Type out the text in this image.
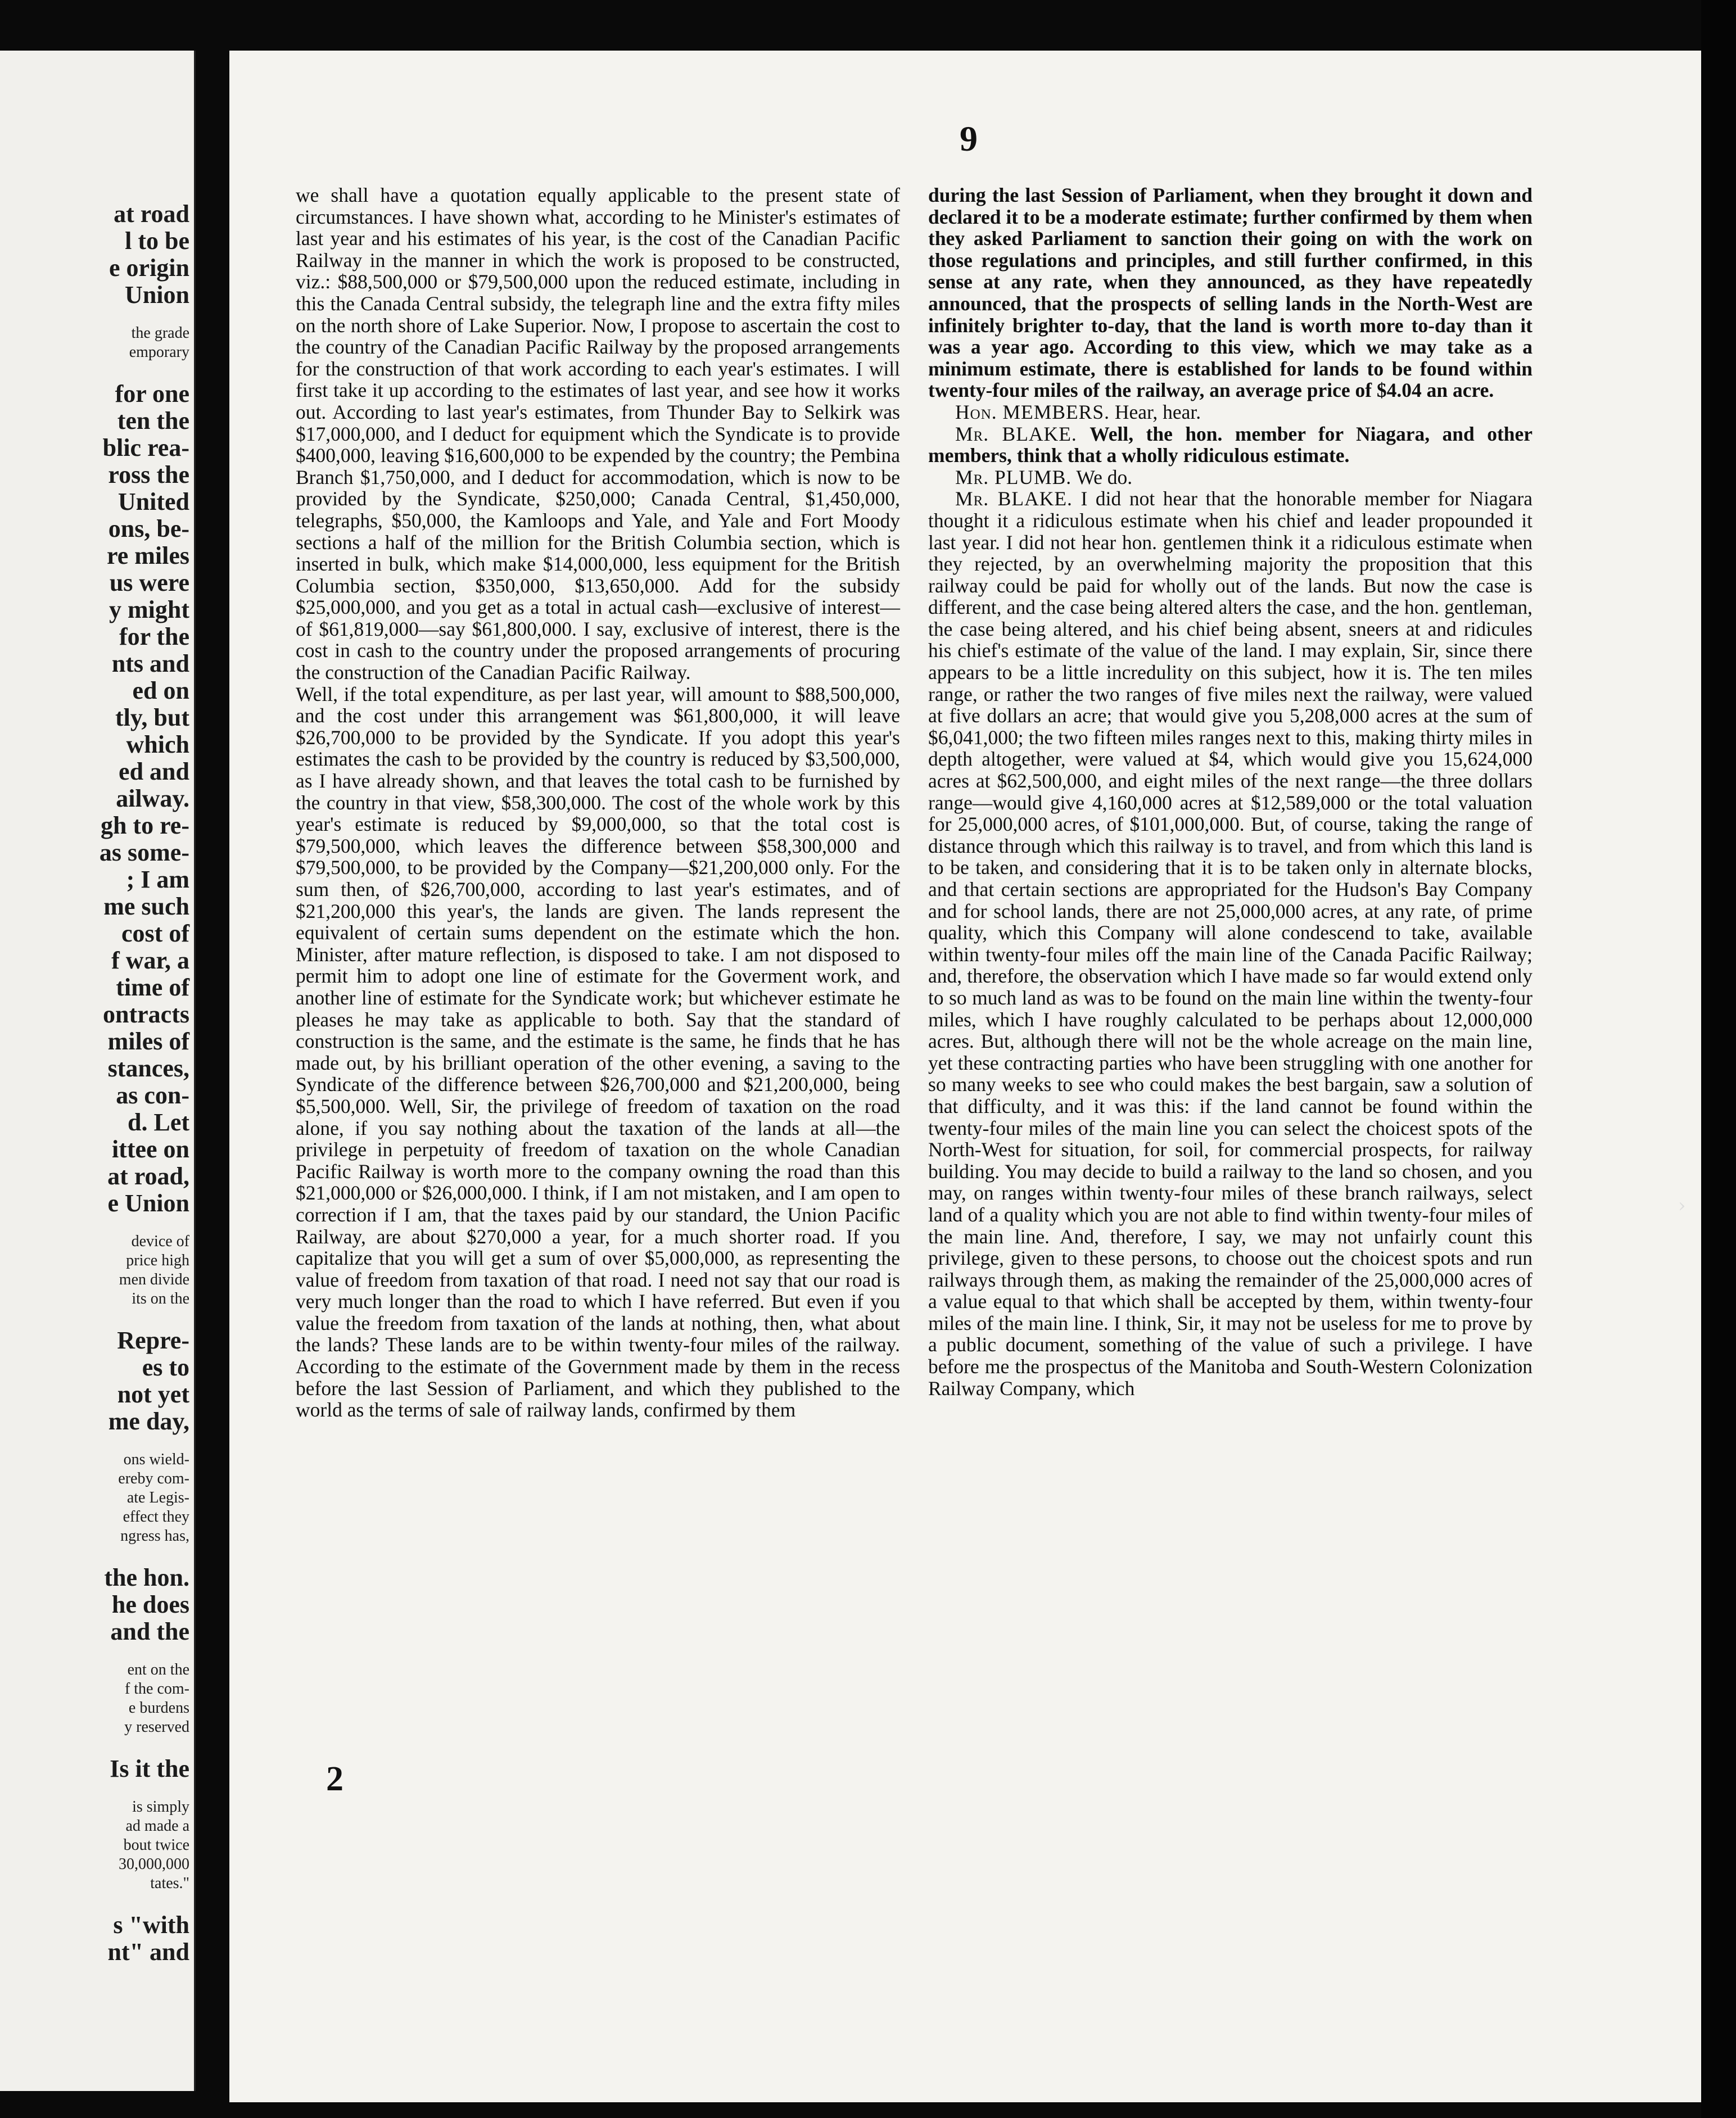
at road
l to be
e origin
Union
the grade
emporary
for one
ten the
blic rea-
ross the
United
ons, be-
re miles
us were
y might
for the
nts and
ed on
tly, but
which
ed and
ailway.
gh to re-
as some-
; I am
me such
cost of
f war, a
time of
ontracts
miles of
stances,
as con-
d. Let
ittee on
at road,
e Union
device of
price high
men divide
its on the
Repre-
es to
not yet
me day,
ons wield-
ereby com-
ate Legis-
effect they
ngress has,
the hon.
he does
and the
ent on the
f the com-
e burdens
y reserved
Is it the
is simply
ad made a
bout twice
30,000,000
tates."
s "with
nt" and
9

we shall have a quotation equally applicable to the present state of circumstances. I have shown what, according to he Minister's estimates of last year and his estimates of his year, is the cost of the Canadian Pacific Railway in the manner in which the work is proposed to be constructed, viz.: $88,500,000 or $79,500,000 upon the reduced estimate, including in this the Canada Central subsidy, the telegraph line and the extra fifty miles on the north shore of Lake Superior. Now, I propose to ascertain the cost to the country of the Canadian Pacific Railway by the proposed arrangements for the construction of that work according to each year's estimates. I will first take it up according to the estimates of last year, and see how it works out. According to last year's estimates, from Thunder Bay to Selkirk was $17,000,000, and I deduct for equipment which the Syndicate is to provide $400,000, leaving $16,600,000 to be expended by the country; the Pembina Branch $1,750,000, and I deduct for accommodation, which is now to be provided by the Syndicate, $250,000; Canada Central, $1,450,000, telegraphs, $50,000, the Kamloops and Yale, and Yale and Fort Moody sections a half of the million for the British Columbia section, which is inserted in bulk, which make $14,000,000, less equipment for the British Columbia section, $350,000, $13,650,000. Add for the subsidy $25,000,000, and you get as a total in actual cash—exclusive of interest—of $61,819,000—say $61,800,000. I say, exclusive of interest, there is the cost in cash to the country under the proposed arrangements of procuring the construction of the Canadian Pacific Railway.

Well, if the total expenditure, as per last year, will amount to $88,500,000, and the cost under this arrangement was $61,800,000, it will leave $26,700,000 to be provided by the Syndicate. If you adopt this year's estimates the cash to be provided by the country is reduced by $3,500,000, as I have already shown, and that leaves the total cash to be furnished by the country in that view, $58,300,000. The cost of the whole work by this year's estimate is reduced by $9,000,000, so that the total cost is $79,500,000, which leaves the difference between $58,300,000 and $79,500,000, to be provided by the Company—$21,200,000 only. For the sum then, of $26,700,000, according to last year's estimates, and of $21,200,000 this year's, the lands are given. The lands represent the equivalent of certain sums dependent on the estimate which the hon. Minister, after mature reflection, is disposed to take. I am not disposed to permit him to adopt one line of estimate for the Goverment work, and another line of estimate for the Syndicate work; but whichever estimate he pleases he may take as applicable to both. Say that the standard of construction is the same, and the estimate is the same, he finds that he has made out, by his brilliant operation of the other evening, a saving to the Syndicate of the difference between $26,700,000 and $21,200,000, being $5,500,000. Well, Sir, the privilege of freedom of taxation on the road alone, if you say nothing about the taxation of the lands at all—the privilege in perpetuity of freedom of taxation on the whole Canadian Pacific Railway is worth more to the company owning the road than this $21,000,000 or $26,000,000. I think, if I am not mistaken, and I am open to correction if I am, that the taxes paid by our standard, the Union Pacific Railway, are about $270,000 a year, for a much shorter road. If you capitalize that you will get a sum of over $5,000,000, as representing the value of freedom from taxation of that road. I need not say that our road is very much longer than the road to which I have referred. But even if you value the freedom from taxation of the lands at nothing, then, what about the lands? These lands are to be within twenty-four miles of the railway. According to the estimate of the Government made by them in the recess before the last Session of Parliament, and which they published to the world as the terms of sale of railway lands, confirmed by them

during the last Session of Parliament, when they brought it down and declared it to be a moderate estimate; further confirmed by them when they asked Parliament to sanction their going on with the work on those regulations and principles, and still further confirmed, in this sense at any rate, when they announced, as they have repeatedly announced, that the prospects of selling lands in the North-West are infinitely brighter to-day, that the land is worth more to-day than it was a year ago. According to this view, which we may take as a minimum estimate, there is established for lands to be found within twenty-four miles of the railway, an average price of $4.04 an acre.

Hon. MEMBERS. Hear, hear.

Mr. BLAKE. Well, the hon. member for Niagara, and other members, think that a wholly ridiculous estimate.

Mr. PLUMB. We do.

Mr. BLAKE. I did not hear that the honorable member for Niagara thought it a ridiculous estimate when his chief and leader propounded it last year. I did not hear hon. gentlemen think it a ridiculous estimate when they rejected, by an overwhelming majority the proposition that this railway could be paid for wholly out of the lands. But now the case is different, and the case being altered alters the case, and the hon. gentleman, the case being altered, and his chief being absent, sneers at and ridicules his chief's estimate of the value of the land. I may explain, Sir, since there appears to be a little incredulity on this subject, how it is. The ten miles range, or rather the two ranges of five miles next the railway, were valued at five dollars an acre; that would give you 5,208,000 acres at the sum of $6,041,000; the two fifteen miles ranges next to this, making thirty miles in depth altogether, were valued at $4, which would give you 15,624,000 acres at $62,500,000, and eight miles of the next range—the three dollars range—would give 4,160,000 acres at $12,589,000 or the total valuation for 25,000,000 acres, of $101,000,000. But, of course, taking the range of distance through which this railway is to travel, and from which this land is to be taken, and considering that it is to be taken only in alternate blocks, and that certain sections are appropriated for the Hudson's Bay Company and for school lands, there are not 25,000,000 acres, at any rate, of prime quality, which this Company will alone condescend to take, available within twenty-four miles off the main line of the Canada Pacific Railway; and, therefore, the observation which I have made so far would extend only to so much land as was to be found on the main line within the twenty-four miles, which I have roughly calculated to be perhaps about 12,000,000 acres. But, although there will not be the whole acreage on the main line, yet these contracting parties who have been struggling with one another for so many weeks to see who could makes the best bargain, saw a solution of that difficulty, and it was this: if the land cannot be found within the twenty-four miles of the main line you can select the choicest spots of the North-West for situation, for soil, for commercial prospects, for railway building. You may decide to build a railway to the land so chosen, and you may, on ranges within twenty-four miles of these branch railways, select land of a quality which you are not able to find within twenty-four miles of the main line. And, therefore, I say, we may not unfairly count this privilege, given to these persons, to choose out the choicest spots and run railways through them, as making the remainder of the 25,000,000 acres of a value equal to that which shall be accepted by them, within twenty-four miles of the main line. I think, Sir, it may not be useless for me to prove by a public document, something of the value of such a privilege. I have before me the prospectus of the Manitoba and South-Western Colonization Railway Company, which

2
›
